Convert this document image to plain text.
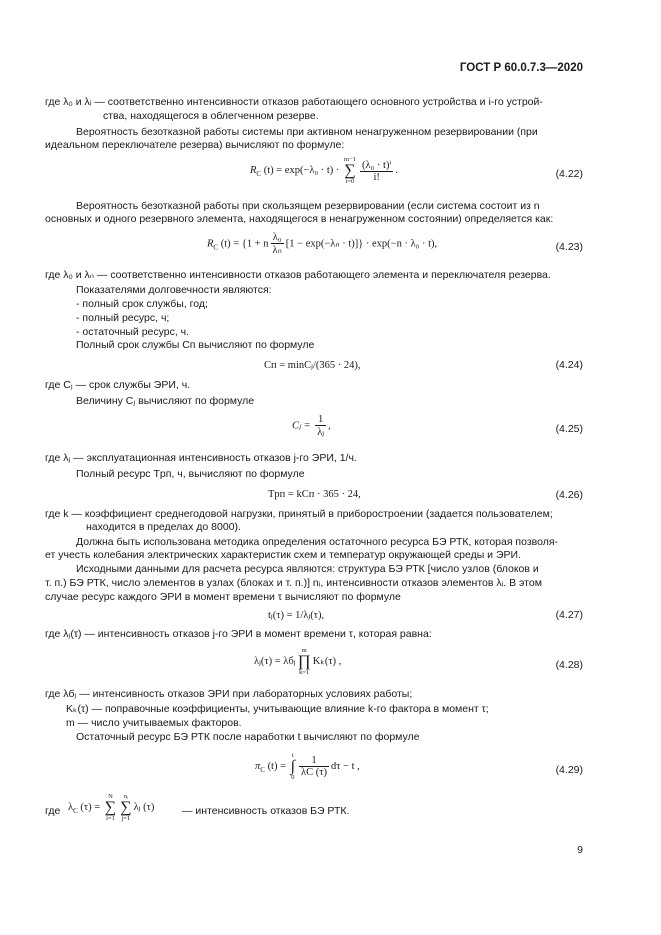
ГОСТ Р 60.0.7.3—2020
где λ₀ и λᵢ — соответственно интенсивности отказов работающего основного устройства и i-го устрой-
ства, находящегося в облегченном резерве.
Вероятность безотказной работы системы при активном ненагруженном резервировании (при
идеальном переключателе резерва) вычисляют по формуле:
$R_C$ (t) = exp(−λ₀ · t) ·
m−1
∑
$i=0 \frac{\text{(λ₀ · t)ⁱ}}{i!}$ .	(4.22)
Вероятность безотказной работы при скользящем резервировании (если система состоит из n
основных и одного резервного элемента, находящегося в ненагруженном состоянии) определяется как:
$R_C$ (t) = {1 + n $\frac{\text{λ₀}}{\text{λₙ}} [1 - \exp(-\lambda_n \cdot t)]\} \cdot \exp(-n \cdot \lambda_0 \cdot t)$,	(4.23)
где λ₀ и λₙ — соответственно интенсивности отказов работающего элемента и переключателя резерва.
Показателями долговечности являются:
- полный срок службы, год;
- полный ресурс, ч;
- остаточный ресурс, ч.
Полный срок службы Cп вычисляют по формуле
Cп = minCⱼ/(365 · 24),	(4.24)
где Cⱼ — срок службы ЭРИ, ч.
Величину Cⱼ вычисляют по формуле
Cⱼ = $\frac{1}{\text{λⱼ}}$ ,	(4.25)
где λⱼ — эксплуатационная интенсивность отказов j-го ЭРИ, 1/ч.
Полный ресурс Tрп, ч, вычисляют по формуле
Tрп = kCп · 365 · 24,	(4.26)
где k — коэффициент среднегодовой нагрузки, принятый в приборостроении (задается пользователем;
находится в пределах до 8000).
Должна быть использована методика определения остаточного ресурса БЭ РТК, которая позволя-
ет учесть колебания электрических характеристик схем и температур окружающей среды и ЭРИ.
Исходными данными для расчета ресурса являются: структура БЭ РТК [число узлов (блоков и
т. п.) БЭ РТК, число элементов в узлах (блоках и т. п.)] nᵢ, интенсивности отказов элементов λᵢ. В этом
случае ресурс каждого ЭРИ в момент времени τ вычисляют по формуле
tⱼ(τ) = 1/λⱼ(τ),	(4.27)
где λⱼ(τ) — интенсивность отказов j-го ЭРИ в момент времени τ, которая равна:
λⱼ(τ) = λбⱼ
m
∏
k=1
Kₖ(τ) ,	(4.28)
где λбⱼ — интенсивность отказов ЭРИ при лабораторных условиях работы;
Kₖ(τ) — поправочные коэффициенты, учитывающие влияние k-го фактора в момент τ;
m — число учитываемых факторов.
Остаточный ресурс БЭ РТК после наработки t вычисляют по формуле
$\pi_C$ (t) =
t
∫
$0 \frac{1}{\lambda C (\tau)}$ dτ − t ,	(4.29)
где $\lambda_C$ (τ) =
N
∑
i=1
nᵢ
∑
j=1
λⱼ (τ)	— интенсивность отказов БЭ РТК.
9
